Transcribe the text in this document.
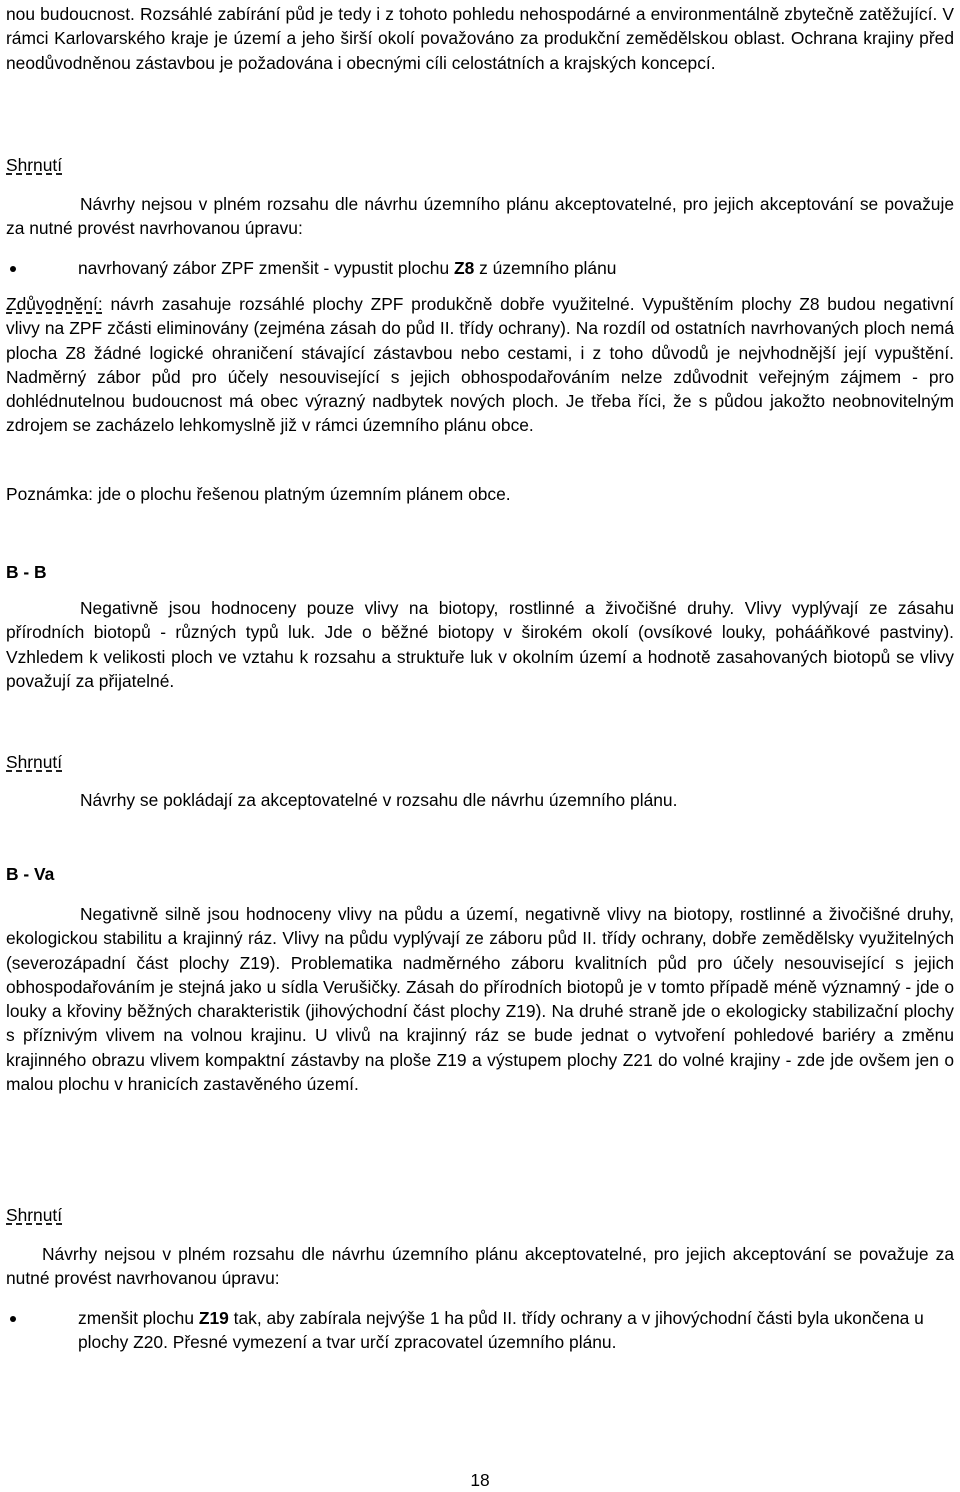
nou budoucnost. Rozsáhlé zabírání půd je tedy i z tohoto pohledu nehospodárné a environmentálně zbytečně zatěžující. V rámci Karlovarského kraje je území a jeho širší okolí považováno za produkční zemědělskou oblast. Ochrana krajiny před neodůvodněnou zástavbou je požadována i obecnými cíli celostátních a krajských koncepcí.

Shrnutí

Návrhy nejsou v plném rozsahu dle návrhu územního plánu akceptovatelné, pro jejich akceptování se považuje za nutné provést navrhovanou úpravu:

navrhovaný zábor ZPF zmenšit - vypustit plochu Z8 z územního plánu

Zdůvodnění: návrh zasahuje rozsáhlé plochy ZPF produkčně dobře využitelné. Vypuštěním plochy Z8 budou negativní vlivy na ZPF zčásti eliminovány (zejména zásah do půd II. třídy ochrany). Na rozdíl od ostatních navrhovaných ploch nemá plocha Z8 žádné logické ohraničení stávající zástavbou nebo cestami, i z toho důvodů je nejvhodnější její vypuštění. Nadměrný zábor půd pro účely nesouvisející s jejich obhospodařováním nelze zdůvodnit veřejným zájmem - pro dohlédnutelnou budoucnost má obec výrazný nadbytek nových ploch. Je třeba říci, že s půdou jakožto neobnovitelným zdrojem se zacházelo lehkomyslně již v rámci územního plánu obce.

Poznámka: jde o plochu řešenou platným územním plánem obce.

B - B

Negativně jsou hodnoceny pouze vlivy na biotopy, rostlinné a živočišné druhy. Vlivy vyplývají ze zásahu přírodních biotopů - různých typů luk. Jde o běžné biotopy v širokém okolí (ovsíkové louky, pohááňkové pastviny). Vzhledem k velikosti ploch ve vztahu k rozsahu a struktuře luk v okolním území a hodnotě zasahovaných biotopů se vlivy považují za přijatelné.

Shrnutí

Návrhy se pokládají za akceptovatelné v rozsahu dle návrhu územního plánu.

B - Va

Negativně silně jsou hodnoceny vlivy na půdu a území, negativně vlivy na biotopy, rostlinné a živočišné druhy, ekologickou stabilitu a krajinný ráz. Vlivy na půdu vyplývají ze záboru půd II. třídy ochrany, dobře zemědělsky využitelných (severozápadní část plochy Z19). Problematika nadměrného záboru kvalitních půd pro účely nesouvisející s jejich obhospodařováním je stejná jako u sídla Verušičky. Zásah do přírodních biotopů je v tomto případě méně významný - jde o louky a křoviny běžných charakteristik (jihovýchodní část plochy Z19). Na druhé straně jde o ekologicky stabilizační plochy s příznivým vlivem na volnou krajinu. U vlivů na krajinný ráz se bude jednat o vytvoření pohledové bariéry a změnu krajinného obrazu vlivem kompaktní zástavby na ploše Z19 a výstupem plochy Z21 do volné krajiny - zde jde ovšem jen o malou plochu v hranicích zastavěného území.

Shrnutí

Návrhy nejsou v plném rozsahu dle návrhu územního plánu akceptovatelné, pro jejich akceptování se považuje za nutné provést navrhovanou úpravu:

zmenšit plochu Z19 tak, aby zabírala nejvýše 1 ha půd II. třídy ochrany a v jihovýchodní části byla ukončena u plochy Z20. Přesné vymezení a tvar určí zpracovatel územního plánu.
18
